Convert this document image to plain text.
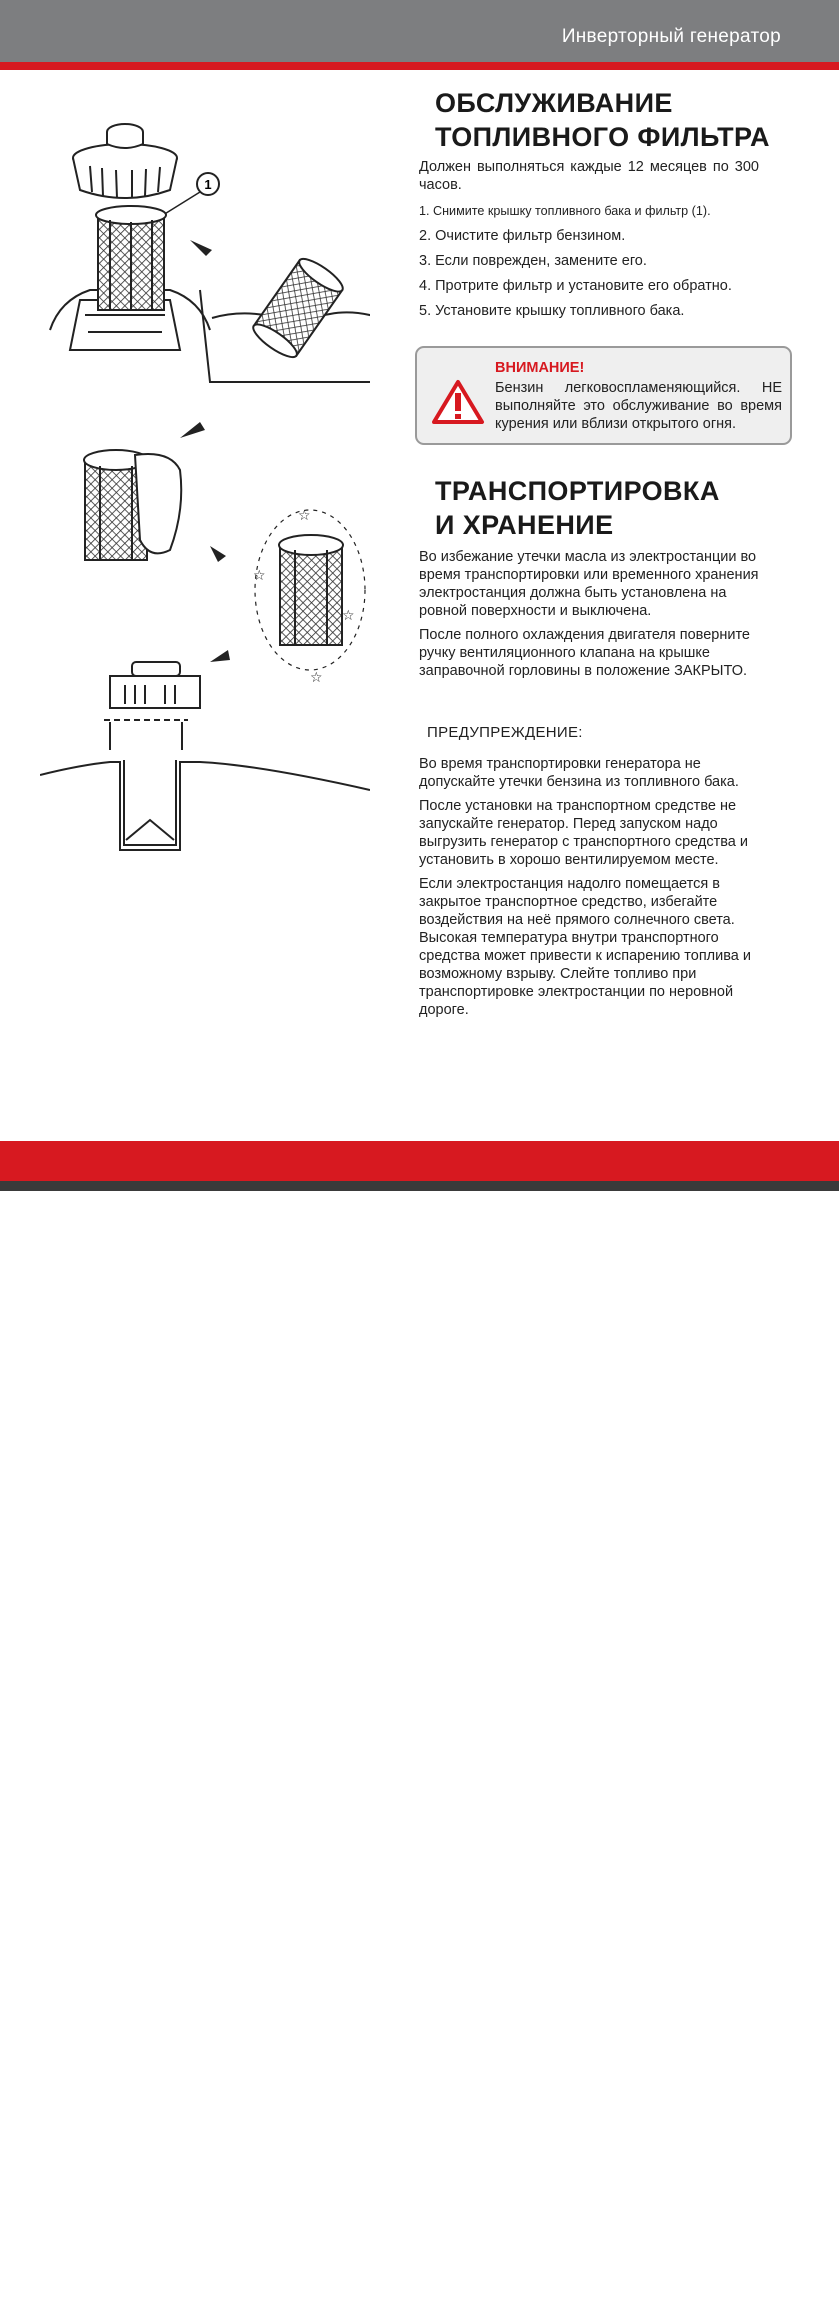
Инверторный генератор
1
☆
☆
☆
☆
ОБСЛУЖИВАНИЕ
ТОПЛИВНОГО ФИЛЬТРА

Должен выполняться каждые 12 месяцев по 300 часов.

1. Снимите крышку топливного бака и фильтр (1).

2. Очистите фильтр бензином.

3. Если поврежден, замените его.

4. Протрите фильтр и установите его обратно.

5. Установите крышку топливного бака.

ВНИМАНИЕ!
Бензин легковоспламеняющийся. НЕ выполняйте это обслуживание во время курения или вблизи открытого огня.
ТРАНСПОРТИРОВКА
И ХРАНЕНИЕ

Во избежание утечки масла из электростанции во время транспортировки или временного хранения электростанция должна быть установлена на ровной поверхности и выключена.

После полного охлаждения двигателя поверните ручку вентиляционного клапана на крышке заправочной горловины в положение ЗАКРЫТО.

ПРЕДУПРЕЖДЕНИЕ:

Во время транспортировки генератора не допускайте утечки бензина из топливного бака.

После установки на транспортном средстве не запускайте генератор. Перед запуском надо выгрузить генератор с транспортного средства и установить в хорошо вентилируемом месте.

Если электростанция надолго помещается в закрытое транспортное средство, избегайте воздействия на неё прямого солнечного света. Высокая температура внутри транспортного средства может привести к испарению топлива и возможному взрыву. Слейте топливо при транспортировке электростанции по неровной дороге.

18	www.a-ipower.ru
